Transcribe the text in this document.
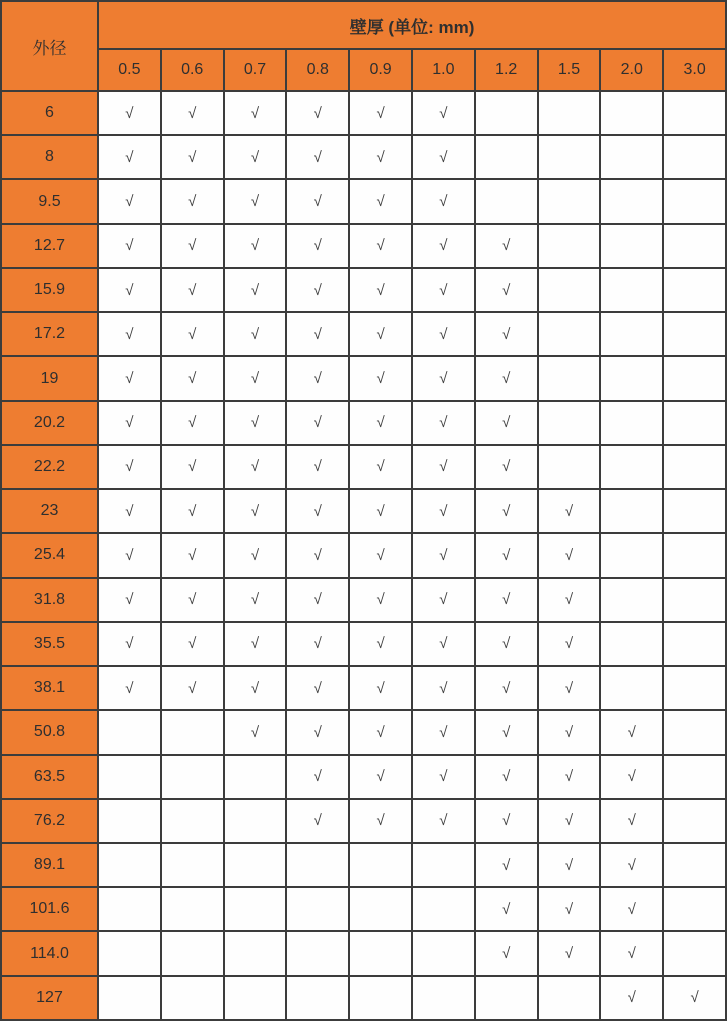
外径	壁厚 (单位: mm)									
	0.5	0.6	0.7	0.8	0.9	1.0	1.2	1.5	2.0	3.0
6	√	√	√	√	√	√				
8	√	√	√	√	√	√				
9.5	√	√	√	√	√	√				
12.7	√	√	√	√	√	√	√			
15.9	√	√	√	√	√	√	√			
17.2	√	√	√	√	√	√	√			
19	√	√	√	√	√	√	√			
20.2	√	√	√	√	√	√	√			
22.2	√	√	√	√	√	√	√			
23	√	√	√	√	√	√	√	√		
25.4	√	√	√	√	√	√	√	√		
31.8	√	√	√	√	√	√	√	√		
35.5	√	√	√	√	√	√	√	√		
38.1	√	√	√	√	√	√	√	√		
50.8			√	√	√	√	√	√	√	
63.5				√	√	√	√	√	√	
76.2				√	√	√	√	√	√	
89.1							√	√	√	
101.6							√	√	√	
114.0							√	√	√	
127									√	√
